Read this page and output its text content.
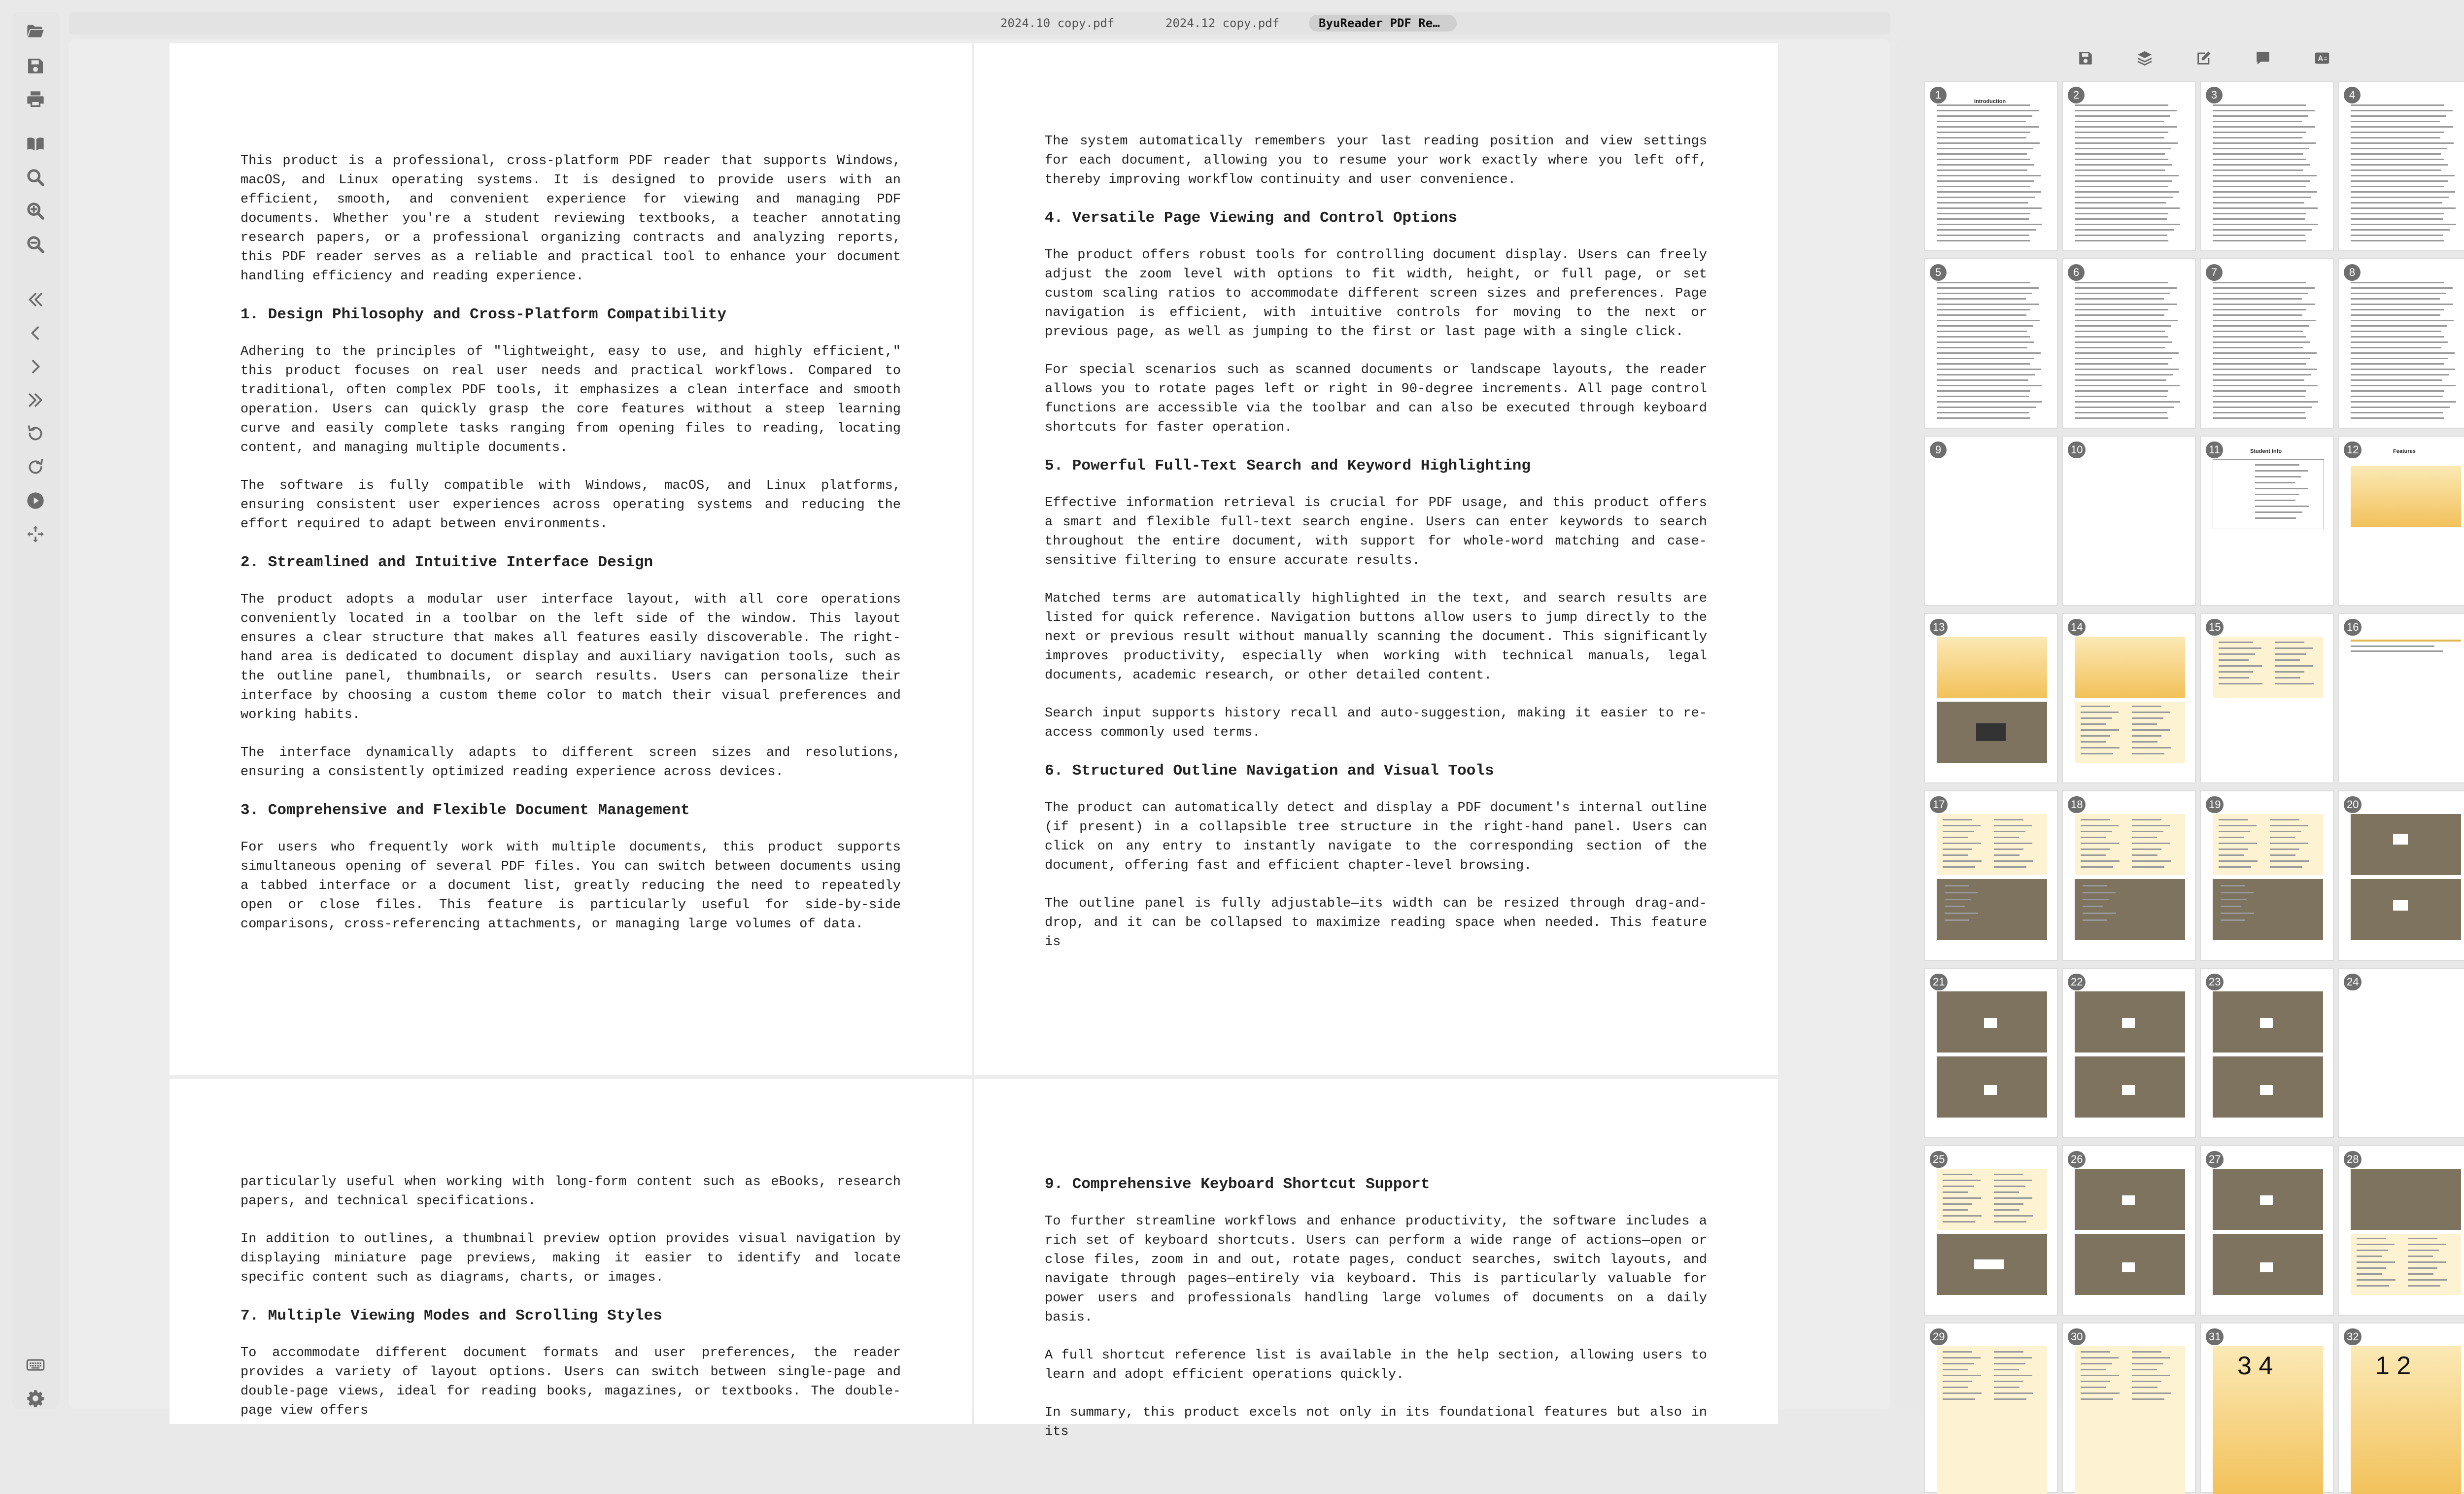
2024.10 copy.pdf	2024.12 copy.pdf	ByuReader PDF Re…

This product is a professional, cross-platform PDF reader that supports Windows, macOS, and Linux operating systems. It is designed to provide users with an efficient, smooth, and convenient experience for viewing and managing PDF documents. Whether you're a student reviewing textbooks, a teacher annotating research papers, or a professional organizing contracts and analyzing reports, this PDF reader serves as a reliable and practical tool to enhance your document handling efficiency and reading experience.

1. Design Philosophy and Cross-Platform Compatibility

Adhering to the principles of "lightweight, easy to use, and highly efficient," this product focuses on real user needs and practical workflows. Compared to traditional, often complex PDF tools, it emphasizes a clean interface and smooth operation. Users can quickly grasp the core features without a steep learning curve and easily complete tasks ranging from opening files to reading, locating content, and managing multiple documents.

The software is fully compatible with Windows, macOS, and Linux platforms, ensuring consistent user experiences across operating systems and reducing the effort required to adapt between environments.

2. Streamlined and Intuitive Interface Design

The product adopts a modular user interface layout, with all core operations conveniently located in a toolbar on the left side of the window. This layout ensures a clear structure that makes all features easily discoverable. The right-hand area is dedicated to document display and auxiliary navigation tools, such as the outline panel, thumbnails, or search results. Users can personalize their interface by choosing a custom theme color to match their visual preferences and working habits.

The interface dynamically adapts to different screen sizes and resolutions, ensuring a consistently optimized reading experience across devices.

3. Comprehensive and Flexible Document Management

For users who frequently work with multiple documents, this product supports simultaneous opening of several PDF files. You can switch between documents using a tabbed interface or a document list, greatly reducing the need to repeatedly open or close files. This feature is particularly useful for side-by-side comparisons, cross-referencing attachments, or managing large volumes of data.

The system automatically remembers your last reading position and view settings for each document, allowing you to resume your work exactly where you left off, thereby improving workflow continuity and user convenience.

4. Versatile Page Viewing and Control Options

The product offers robust tools for controlling document display. Users can freely adjust the zoom level with options to fit width, height, or full page, or set custom scaling ratios to accommodate different screen sizes and preferences. Page navigation is efficient, with intuitive controls for moving to the next or previous page, as well as jumping to the first or last page with a single click.

For special scenarios such as scanned documents or landscape layouts, the reader allows you to rotate pages left or right in 90-degree increments. All page control functions are accessible via the toolbar and can also be executed through keyboard shortcuts for faster operation.

5. Powerful Full-Text Search and Keyword Highlighting

Effective information retrieval is crucial for PDF usage, and this product offers a smart and flexible full-text search engine. Users can enter keywords to search throughout the entire document, with support for whole-word matching and case-sensitive filtering to ensure accurate results.

Matched terms are automatically highlighted in the text, and search results are listed for quick reference. Navigation buttons allow users to jump directly to the next or previous result without manually scanning the document. This significantly improves productivity, especially when working with technical manuals, legal documents, academic research, or other detailed content.

Search input supports history recall and auto-suggestion, making it easier to re-access commonly used terms.

6. Structured Outline Navigation and Visual Tools

The product can automatically detect and display a PDF document's internal outline (if present) in a collapsible tree structure in the right-hand panel. Users can click on any entry to instantly navigate to the corresponding section of the document, offering fast and efficient chapter-level browsing.

The outline panel is fully adjustable—its width can be resized through drag-and-drop, and it can be collapsed to maximize reading space when needed. This feature is

particularly useful when working with long-form content such as eBooks, research papers, and technical specifications.

In addition to outlines, a thumbnail preview option provides visual navigation by displaying miniature page previews, making it easier to identify and locate specific content such as diagrams, charts, or images.

7. Multiple Viewing Modes and Scrolling Styles

To accommodate different document formats and user preferences, the reader provides a variety of layout options. Users can switch between single-page and double-page views, ideal for reading books, magazines, or textbooks. The double-page view offers

9. Comprehensive Keyboard Shortcut Support

To further streamline workflows and enhance productivity, the software includes a rich set of keyboard shortcuts. Users can perform a wide range of actions—open or close files, zoom in and out, rotate pages, conduct searches, switch layouts, and navigate through pages—entirely via keyboard. This is particularly valuable for power users and professionals handling large volumes of documents on a daily basis.

A full shortcut reference list is available in the help section, allowing users to learn and adopt efficient operations quickly.

In summary, this product excels not only in its foundational features but also in its

1
Introduction
2	3	4
5	6	7	8
9	10	11	Student Info	12	Features
13	14	15	16
17	18	19	20
21	22	23	24
25	26	27	28
29	30	31
3 4
32
1 2
